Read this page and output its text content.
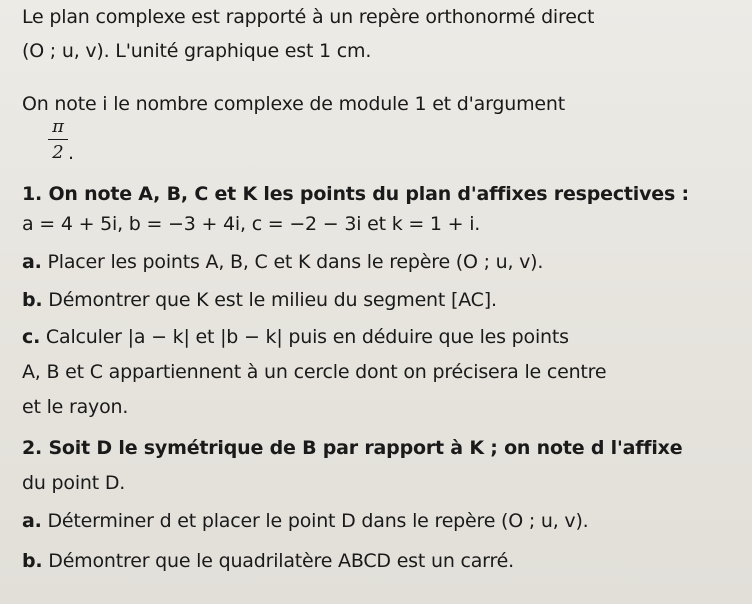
Le plan complexe est rapporté à un repère orthonormé direct
(O ; u, v). L'unité graphique est 1 cm.
On note i le nombre complexe de module 1 et d'argument
π
2 .
1. On note A, B, C et K les points du plan d'affixes respectives :
a = 4 + 5i, b = −3 + 4i, c = −2 − 3i et k = 1 + i.
a. Placer les points A, B, C et K dans le repère (O ; u, v).
b. Démontrer que K est le milieu du segment [AC].
c. Calculer |a − k| et |b − k| puis en déduire que les points
A, B et C appartiennent à un cercle dont on précisera le centre
et le rayon.
2. Soit D le symétrique de B par rapport à K ; on note d l'affixe
du point D.
a. Déterminer d et placer le point D dans le repère (O ; u, v).
b. Démontrer que le quadrilatère ABCD est un carré.
